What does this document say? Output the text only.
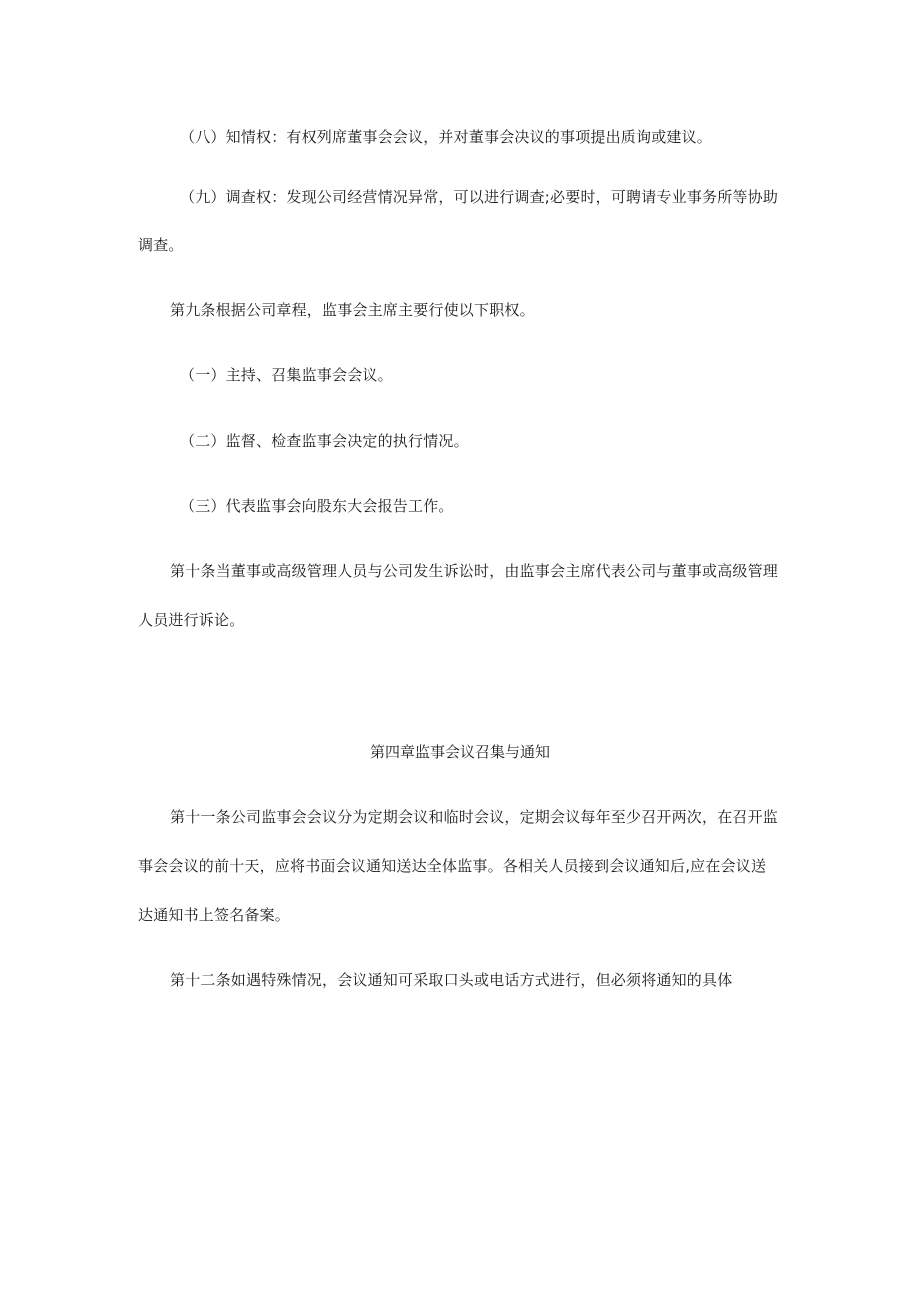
（八）知情权：有权列席董事会会议，并对董事会决议的事项提出质询或建议。
（九）调查权：发现公司经营情况异常，可以进行调查;必要时，可聘请专业事务所等协助
调查。
第九条根据公司章程，监事会主席主要行使以下职权。
（一）主持、召集监事会会议。
（二）监督、检查监事会决定的执行情况。
（三）代表监事会向股东大会报告工作。
第十条当董事或高级管理人员与公司发生诉讼时，由监事会主席代表公司与董事或高级管理
人员进行诉论。
第四章监事会议召集与通知
第十一条公司监事会会议分为定期会议和临时会议，定期会议每年至少召开两次，在召开监
事会会议的前十天，应将书面会议通知送达全体监事。各相关人员接到会议通知后,应在会议送
达通知书上签名备案。
第十二条如遇特殊情况，会议通知可采取口头或电话方式进行，但必须将通知的具体
